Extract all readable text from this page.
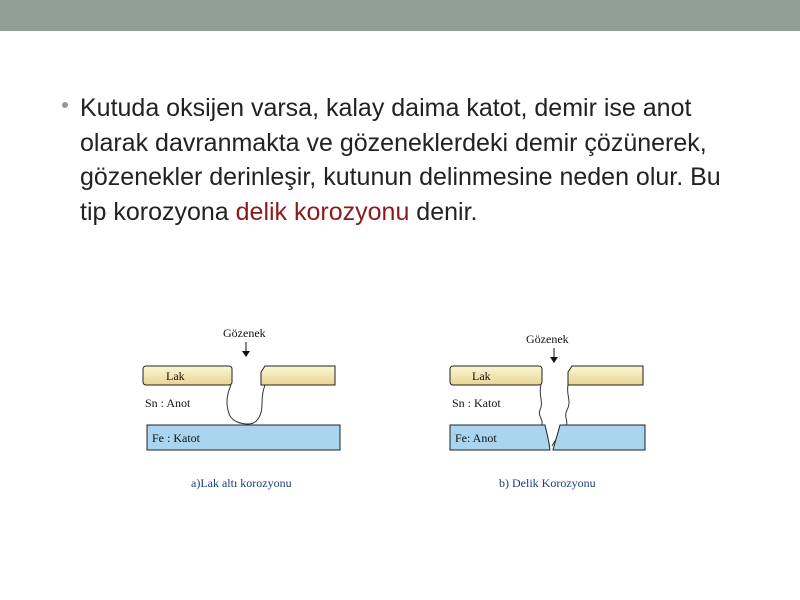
Kutuda oksijen varsa, kalay daima katot, demir ise anot olarak davranmakta ve gözeneklerdeki demir çözünerek, gözenekler derinleşir, kutunun delinmesine neden olur. Bu tip korozyona delik korozyonu denir.

Gözenek
Lak
Sn : Anot
Fe : Katot
a)Lak altı korozyonu
Gözenek
Lak
Sn : Katot
Fe: Anot
b) Delik Korozyonu
